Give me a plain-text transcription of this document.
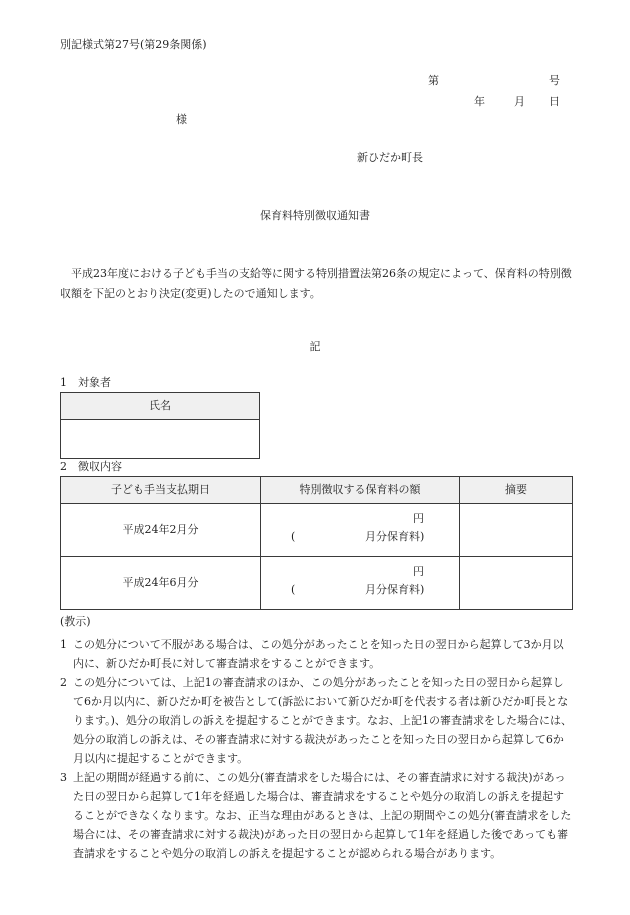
別記様式第27号(第29条関係)
第	号
年	月 日
様
新ひだか町長
保育料特別徴収通知書
平成23年度における子ども手当の支給等に関する特別措置法第26条の規定によって、保育料の特別徴収額を下記のとおり決定(変更)したので通知します。
記
1　対象者
氏名

2　徴収内容
子ども手当支払期日	特別徴収する保育料の額	摘要
平成24年2月分	円
( 月分保育料)	

平成24年6月分	円
( 月分保育料)	

(教示)
1 この処分について不服がある場合は、この処分があったことを知った日の翌日から起算して3か月以内に、新ひだか町長に対して審査請求をすることができます。
2 この処分については、上記1の審査請求のほか、この処分があったことを知った日の翌日から起算して6か月以内に、新ひだか町を被告として(訴訟において新ひだか町を代表する者は新ひだか町長となります。)、処分の取消しの訴えを提起することができます。なお、上記1の審査請求をした場合には、処分の取消しの訴えは、その審査請求に対する裁決があったことを知った日の翌日から起算して6か月以内に提起することができます。
3 上記の期間が経過する前に、この処分(審査請求をした場合には、その審査請求に対する裁決)があった日の翌日から起算して1年を経過した場合は、審査請求をすることや処分の取消しの訴えを提起することができなくなります。なお、正当な理由があるときは、上記の期間やこの処分(審査請求をした場合には、その審査請求に対する裁決)があった日の翌日から起算して1年を経過した後であっても審査請求をすることや処分の取消しの訴えを提起することが認められる場合があります。
